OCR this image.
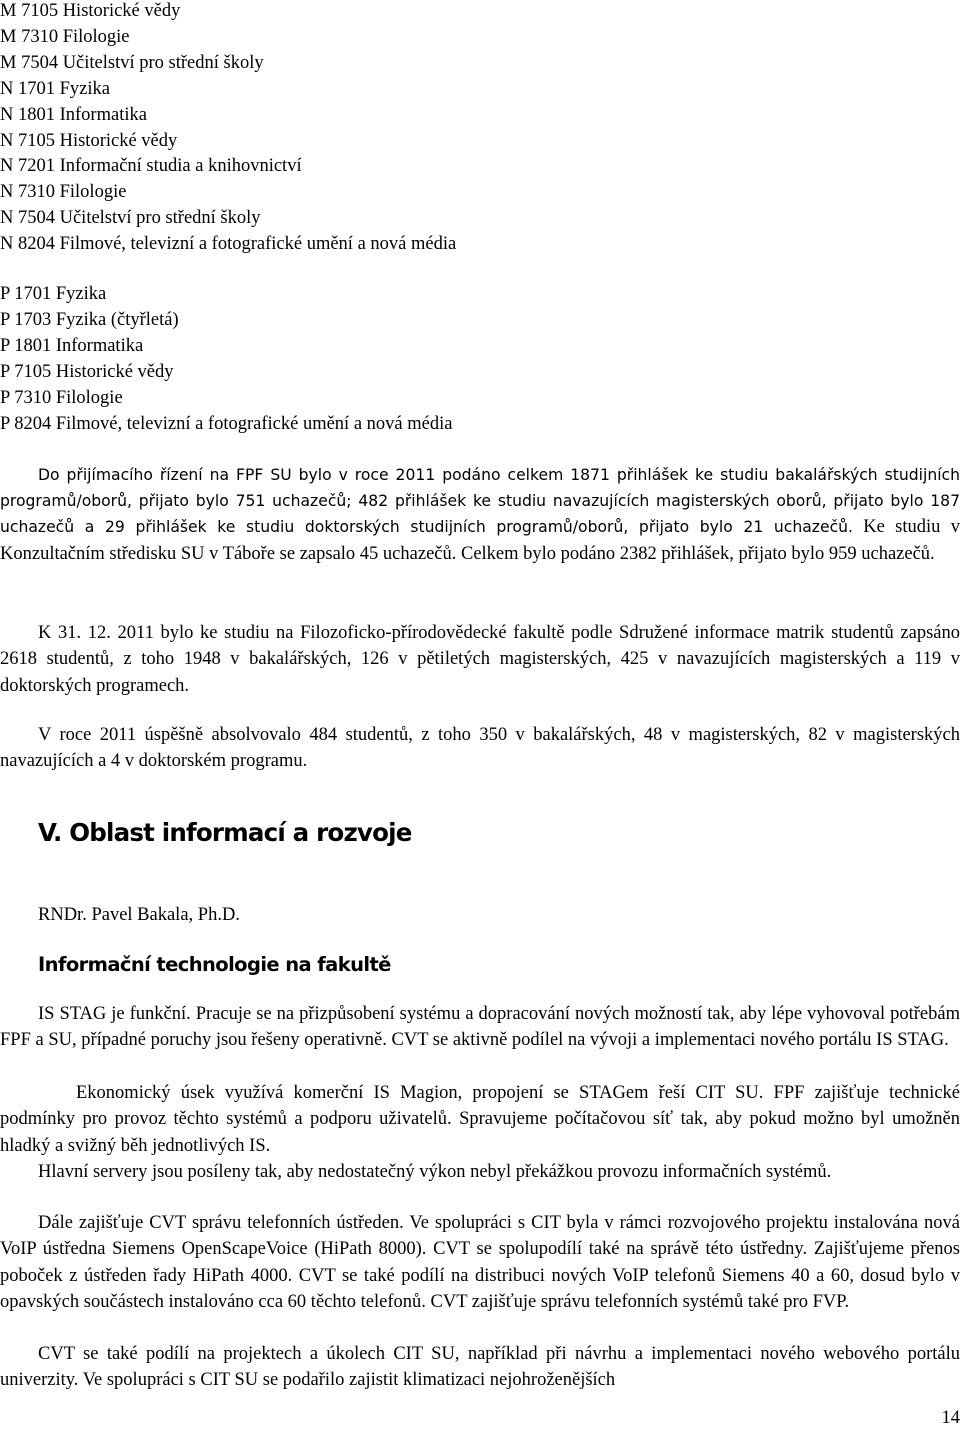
M 7105 Historické vědy
M 7310 Filologie
M 7504 Učitelství pro střední školy
N 1701 Fyzika
N 1801 Informatika
N 7105 Historické vědy
N 7201 Informační studia a knihovnictví
N 7310 Filologie
N 7504 Učitelství pro střední školy
N 8204 Filmové, televizní a fotografické umění a nová média
P 1701 Fyzika
P 1703 Fyzika (čtyřletá)
P 1801 Informatika
P 7105 Historické vědy
P 7310 Filologie
P 8204 Filmové, televizní a fotografické umění a nová média

Do přijímacího řízení na FPF SU bylo v roce 2011 podáno celkem 1871 přihlášek ke studiu bakalářských studijních programů/oborů, přijato bylo 751 uchazečů; 482 přihlášek ke studiu navazujících magisterských oborů, přijato bylo 187 uchazečů a 29 přihlášek ke studiu doktorských studijních programů/oborů, přijato bylo 21 uchazečů. Ke studiu v Konzultačním středisku SU v Táboře se zapsalo 45 uchazečů. Celkem bylo podáno 2382 přihlášek, přijato bylo 959 uchazečů.

K 31. 12. 2011 bylo ke studiu na Filozoficko-přírodovědecké fakultě podle Sdružené informace matrik studentů zapsáno 2618 studentů, z toho 1948 v bakalářských, 126 v pětiletých magisterských, 425 v navazujících magisterských a 119 v doktorských programech.

V roce 2011 úspěšně absolvovalo 484 studentů, z toho 350 v bakalářských, 48 v magisterských, 82 v magisterských navazujících a 4 v doktorském programu.

V. Oblast informací a rozvoje

RNDr. Pavel Bakala, Ph.D.

Informační technologie na fakultě

IS STAG je funkční. Pracuje se na přizpůsobení systému a dopracování nových možností tak, aby lépe vyhovoval potřebám FPF a SU, případné poruchy jsou řešeny operativně. CVT se aktivně podílel na vývoji a implementaci nového portálu IS STAG.

Ekonomický úsek využívá komerční IS Magion, propojení se STAGem řeší CIT SU. FPF zajišťuje technické podmínky pro provoz těchto systémů a podporu uživatelů. Spravujeme počítačovou síť tak, aby pokud možno byl umožněn hladký a svižný běh jednotlivých IS.

Hlavní servery jsou posíleny tak, aby nedostatečný výkon nebyl překážkou provozu informačních systémů.

Dále zajišťuje CVT správu telefonních ústředen. Ve spolupráci s CIT byla v rámci rozvojového projektu instalována nová VoIP ústředna Siemens OpenScapeVoice (HiPath 8000). CVT se spolupodílí také na správě této ústředny. Zajišťujeme přenos poboček z ústředen řady HiPath 4000. CVT se také podílí na distribuci nových VoIP telefonů Siemens 40 a 60, dosud bylo v opavských součástech instalováno cca 60 těchto telefonů. CVT zajišťuje správu telefonních systémů také pro FVP.

CVT se také podílí na projektech a úkolech CIT SU, například při návrhu a implementaci nového webového portálu univerzity. Ve spolupráci s CIT SU se podařilo zajistit klimatizaci nejohroženějších

14
